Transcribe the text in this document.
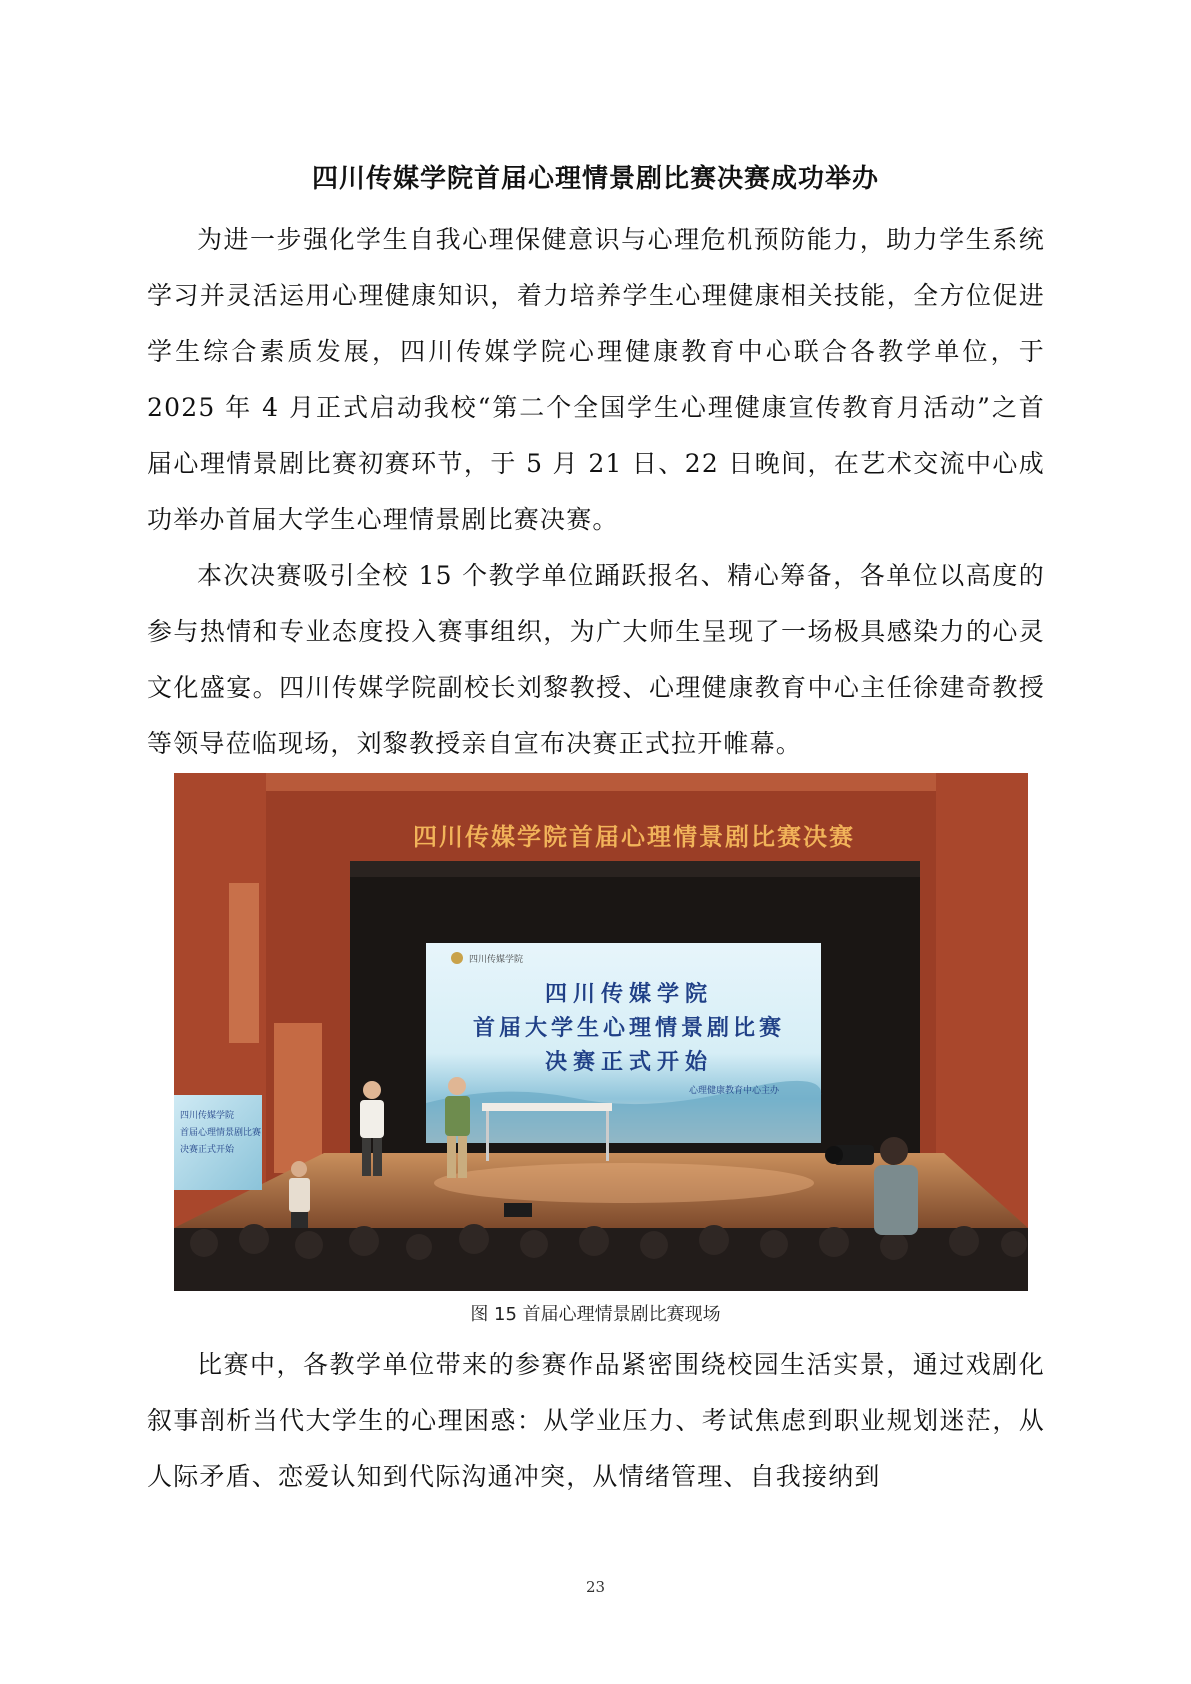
四川传媒学院首届心理情景剧比赛决赛成功举办

为进一步强化学生自我心理保健意识与心理危机预防能力，助力学生系统学习并灵活运用心理健康知识，着力培养学生心理健康相关技能，全方位促进学生综合素质发展，四川传媒学院心理健康教育中心联合各教学单位，于 2025 年 4 月正式启动我校“第二个全国学生心理健康宣传教育月活动”之首届心理情景剧比赛初赛环节，于 5 月 21 日、22 日晚间，在艺术交流中心成功举办首届大学生心理情景剧比赛决赛。

本次决赛吸引全校 15 个教学单位踊跃报名、精心筹备，各单位以高度的参与热情和专业态度投入赛事组织，为广大师生呈现了一场极具感染力的心灵文化盛宴。四川传媒学院副校长刘黎教授、心理健康教育中心主任徐建奇教授等领导莅临现场，刘黎教授亲自宣布决赛正式拉开帷幕。

四川传媒学院首届心理情景剧比赛决赛
四川传媒学院
四川传媒学院
首届大学生心理情景剧比赛
决赛正式开始
心理健康教育中心主办
四川传媒学院
首届心理情景剧比赛
决赛正式开始
图 15 首届心理情景剧比赛现场

比赛中，各教学单位带来的参赛作品紧密围绕校园生活实景，通过戏剧化叙事剖析当代大学生的心理困惑：从学业压力、考试焦虑到职业规划迷茫，从人际矛盾、恋爱认知到代际沟通冲突，从情绪管理、自我接纳到

23
